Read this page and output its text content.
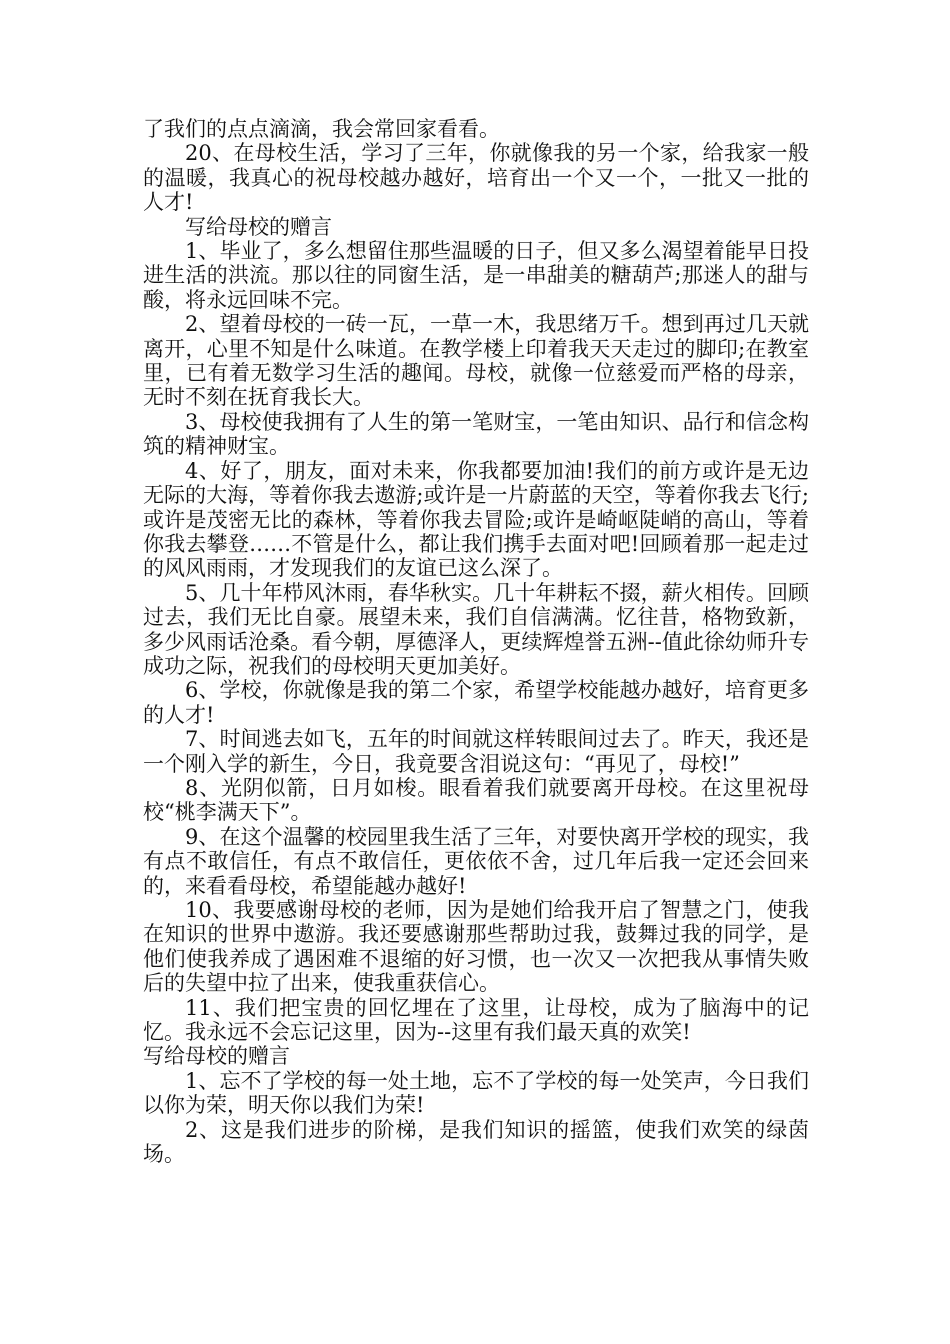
了我们的点点滴滴，我会常回家看看。

20、在母校生活，学习了三年，你就像我的另一个家，给我家一般的温暖，我真心的祝母校越办越好，培育出一个又一个，一批又一批的人才!

写给母校的赠言

1、毕业了，多么想留住那些温暖的日子，但又多么渴望着能早日投进生活的洪流。那以往的同窗生活，是一串甜美的糖葫芦;那迷人的甜与酸，将永远回味不完。

2、望着母校的一砖一瓦，一草一木，我思绪万千。想到再过几天就离开，心里不知是什么味道。在教学楼上印着我天天走过的脚印;在教室里，已有着无数学习生活的趣闻。母校，就像一位慈爱而严格的母亲，无时不刻在抚育我长大。

3、母校使我拥有了人生的第一笔财宝，一笔由知识、品行和信念构筑的精神财宝。

4、好了，朋友，面对未来，你我都要加油!我们的前方或许是无边无际的大海，等着你我去遨游;或许是一片蔚蓝的天空，等着你我去飞行;或许是茂密无比的森林，等着你我去冒险;或许是崎岖陡峭的高山，等着你我去攀登……不管是什么，都让我们携手去面对吧!回顾着那一起走过的风风雨雨，才发现我们的友谊已这么深了。

5、几十年栉风沐雨，春华秋实。几十年耕耘不掇，薪火相传。回顾过去，我们无比自豪。展望未来，我们自信满满。忆往昔，格物致新，多少风雨话沧桑。看今朝，厚德泽人，更续辉煌誉五洲--值此徐幼师升专成功之际，祝我们的母校明天更加美好。

6、学校，你就像是我的第二个家，希望学校能越办越好，培育更多的人才!

7、时间逃去如飞，五年的时间就这样转眼间过去了。昨天，我还是一个刚入学的新生，今日，我竟要含泪说这句：“再见了，母校!”

8、光阴似箭，日月如梭。眼看着我们就要离开母校。在这里祝母校“桃李满天下”。

9、在这个温馨的校园里我生活了三年，对要快离开学校的现实，我有点不敢信任，有点不敢信任，更依依不舍，过几年后我一定还会回来的，来看看母校，希望能越办越好!

10、我要感谢母校的老师，因为是她们给我开启了智慧之门，使我在知识的世界中遨游。我还要感谢那些帮助过我，鼓舞过我的同学，是他们使我养成了遇困难不退缩的好习惯，也一次又一次把我从事情失败后的失望中拉了出来，使我重获信心。

11、我们把宝贵的回忆埋在了这里，让母校，成为了脑海中的记忆。我永远不会忘记这里，因为--这里有我们最天真的欢笑!

写给母校的赠言

1、忘不了学校的每一处土地，忘不了学校的每一处笑声，今日我们以你为荣，明天你以我们为荣!

2、这是我们进步的阶梯，是我们知识的摇篮，使我们欢笑的绿茵场。
